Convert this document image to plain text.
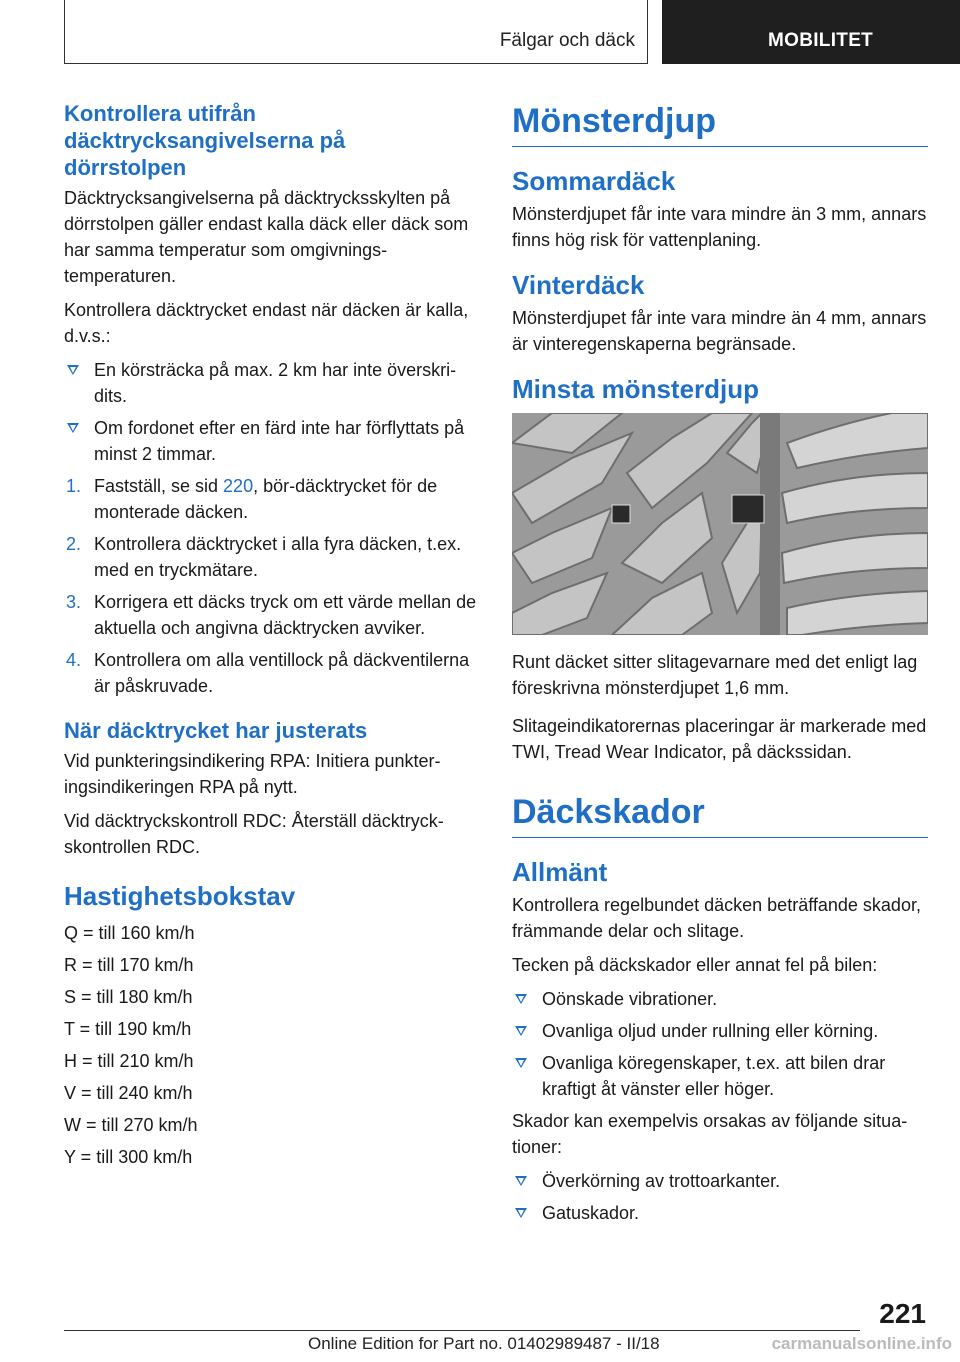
Fälgar och däck	MOBILITET
Kontrollera utifrån däcktrycksangivelserna på dörrstolpen

Däcktrycksangivelserna på däcktrycksskylten på dörrstolpen gäller endast kalla däck eller däck som har samma temperatur som omgivningstemperaturen.

Kontrollera däcktrycket endast när däcken är kalla, d.v.s.:

En körsträcka på max. 2 km har inte överskridits.
Om fordonet efter en färd inte har förflyttats på minst 2 timmar.
1. Fastställ, se sid 220, bör-däcktrycket för de monterade däcken.
2. Kontrollera däcktrycket i alla fyra däcken, t.ex. med en tryckmätare.
3. Korrigera ett däcks tryck om ett värde mellan de aktuella och angivna däcktrycken avviker.
4. Kontrollera om alla ventillock på däckventilerna är påskruvade.
När däcktrycket har justerats

Vid punkteringsindikering RPA: Initiera punkteringsindikeringen RPA på nytt.

Vid däcktryckskontroll RDC: Återställ däcktryckskontrollen RDC.

Hastighetsbokstav

Q = till 160 km/h

R = till 170 km/h

S = till 180 km/h

T = till 190 km/h

H = till 210 km/h

V = till 240 km/h

W = till 270 km/h

Y = till 300 km/h

Mönsterdjup
Sommardäck

Mönsterdjupet får inte vara mindre än 3 mm, annars finns hög risk för vattenplaning.

Vinterdäck

Mönsterdjupet får inte vara mindre än 4 mm, annars är vinteregenskaperna begränsade.

Minsta mönsterdjup

Runt däcket sitter slitagevarnare med det enligt lag föreskrivna mönsterdjupet 1,6 mm.

Slitageindikatorernas placeringar är markerade med TWI, Tread Wear Indicator, på däckssidan.

Däckskador
Allmänt

Kontrollera regelbundet däcken beträffande skador, främmande delar och slitage.

Tecken på däckskador eller annat fel på bilen:

Oönskade vibrationer.
Ovanliga oljud under rullning eller körning.
Ovanliga köregenskaper, t.ex. att bilen drar kraftigt åt vänster eller höger.

Skador kan exempelvis orsakas av följande situationer:

Överkörning av trottoarkanter.
Gatuskador.
221
Online Edition for Part no. 01402989487 - II/18	carmanualsonline.info
